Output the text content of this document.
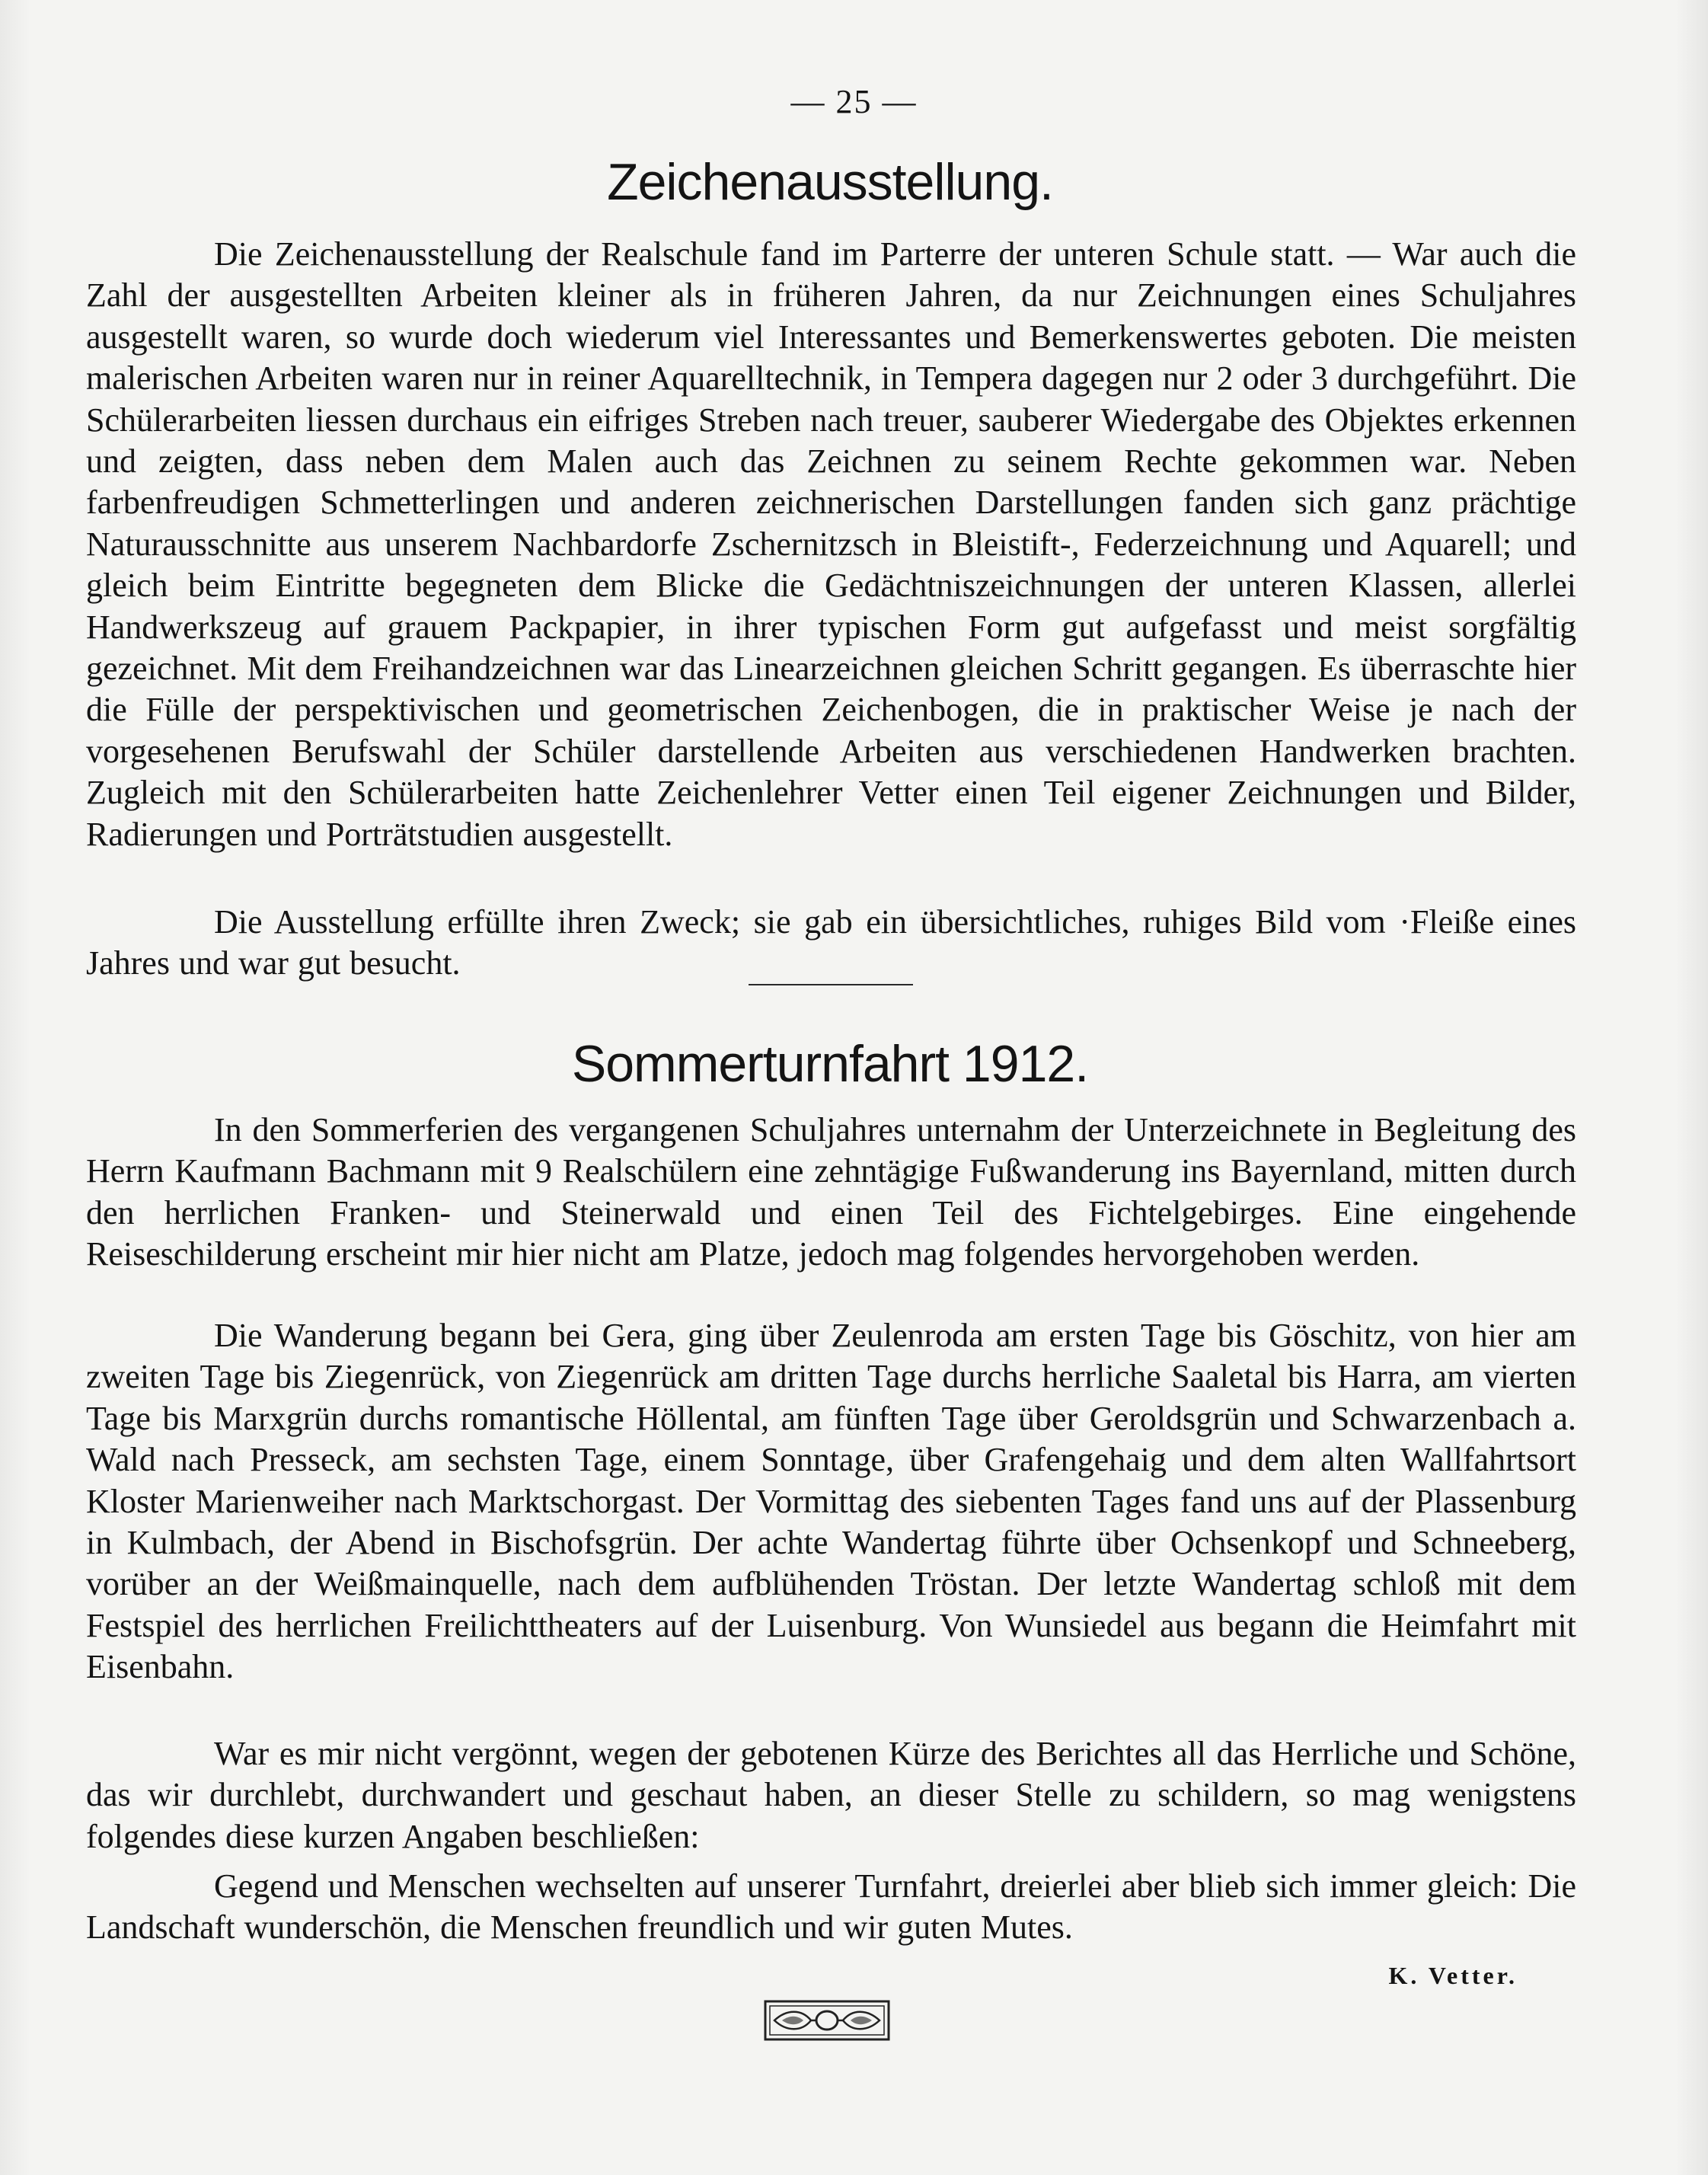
— 25 —
Zeichenausstellung.

Die Zeichenausstellung der Realschule fand im Parterre der unteren Schule statt. — War auch die Zahl der ausgestellten Arbeiten kleiner als in früheren Jahren, da nur Zeichnungen eines Schuljahres ausgestellt waren, so wurde doch wiederum viel Interessantes und Bemerkenswertes geboten. Die meisten malerischen Arbeiten waren nur in reiner Aquarelltechnik, in Tempera dagegen nur 2 oder 3 durchgeführt. Die Schülerarbeiten liessen durchaus ein eifriges Streben nach treuer, sauberer Wiedergabe des Objektes erkennen und zeigten, dass neben dem Malen auch das Zeichnen zu seinem Rechte gekommen war. Neben farbenfreudigen Schmetterlingen und anderen zeichnerischen Darstellungen fanden sich ganz prächtige Naturausschnitte aus unserem Nachbardorfe Zschernitzsch in Bleistift-, Federzeichnung und Aquarell; und gleich beim Eintritte begegneten dem Blicke die Gedächtniszeichnungen der unteren Klassen, allerlei Handwerkszeug auf grauem Packpapier, in ihrer typischen Form gut aufgefasst und meist sorgfältig gezeichnet. Mit dem Freihandzeichnen war das Linearzeichnen gleichen Schritt gegangen. Es überraschte hier die Fülle der perspektivischen und geometrischen Zeichenbogen, die in praktischer Weise je nach der vorgesehenen Berufswahl der Schüler darstellende Arbeiten aus verschiedenen Handwerken brachten. Zugleich mit den Schülerarbeiten hatte Zeichenlehrer Vetter einen Teil eigener Zeichnungen und Bilder, Radierungen und Porträtstudien ausgestellt.

Die Ausstellung erfüllte ihren Zweck; sie gab ein übersichtliches, ruhiges Bild vom ·Fleiße eines Jahres und war gut besucht.

Sommerturnfahrt 1912.

In den Sommerferien des vergangenen Schuljahres unternahm der Unterzeichnete in Begleitung des Herrn Kaufmann Bachmann mit 9 Realschülern eine zehntägige Fußwanderung ins Bayernland, mitten durch den herrlichen Franken- und Steinerwald und einen Teil des Fichtelgebirges. Eine eingehende Reiseschilderung erscheint mir hier nicht am Platze, jedoch mag folgendes hervorgehoben werden.

Die Wanderung begann bei Gera, ging über Zeulenroda am ersten Tage bis Göschitz, von hier am zweiten Tage bis Ziegenrück, von Ziegenrück am dritten Tage durchs herrliche Saaletal bis Harra, am vierten Tage bis Marxgrün durchs romantische Höllental, am fünften Tage über Geroldsgrün und Schwarzenbach a. Wald nach Presseck, am sechsten Tage, einem Sonntage, über Grafengehaig und dem alten Wallfahrtsort Kloster Marienweiher nach Marktschorgast. Der Vormittag des siebenten Tages fand uns auf der Plassenburg in Kulmbach, der Abend in Bischofsgrün. Der achte Wandertag führte über Ochsenkopf und Schneeberg, vorüber an der Weißmainquelle, nach dem aufblühenden Tröstan. Der letzte Wandertag schloß mit dem Festspiel des herrlichen Freilichttheaters auf der Luisenburg. Von Wunsiedel aus begann die Heimfahrt mit Eisenbahn.

War es mir nicht vergönnt, wegen der gebotenen Kürze des Berichtes all das Herrliche und Schöne, das wir durchlebt, durchwandert und geschaut haben, an dieser Stelle zu schildern, so mag wenigstens folgendes diese kurzen Angaben beschließen:

Gegend und Menschen wechselten auf unserer Turnfahrt, dreierlei aber blieb sich immer gleich: Die Landschaft wunderschön, die Menschen freundlich und wir guten Mutes.

K. Vetter.
